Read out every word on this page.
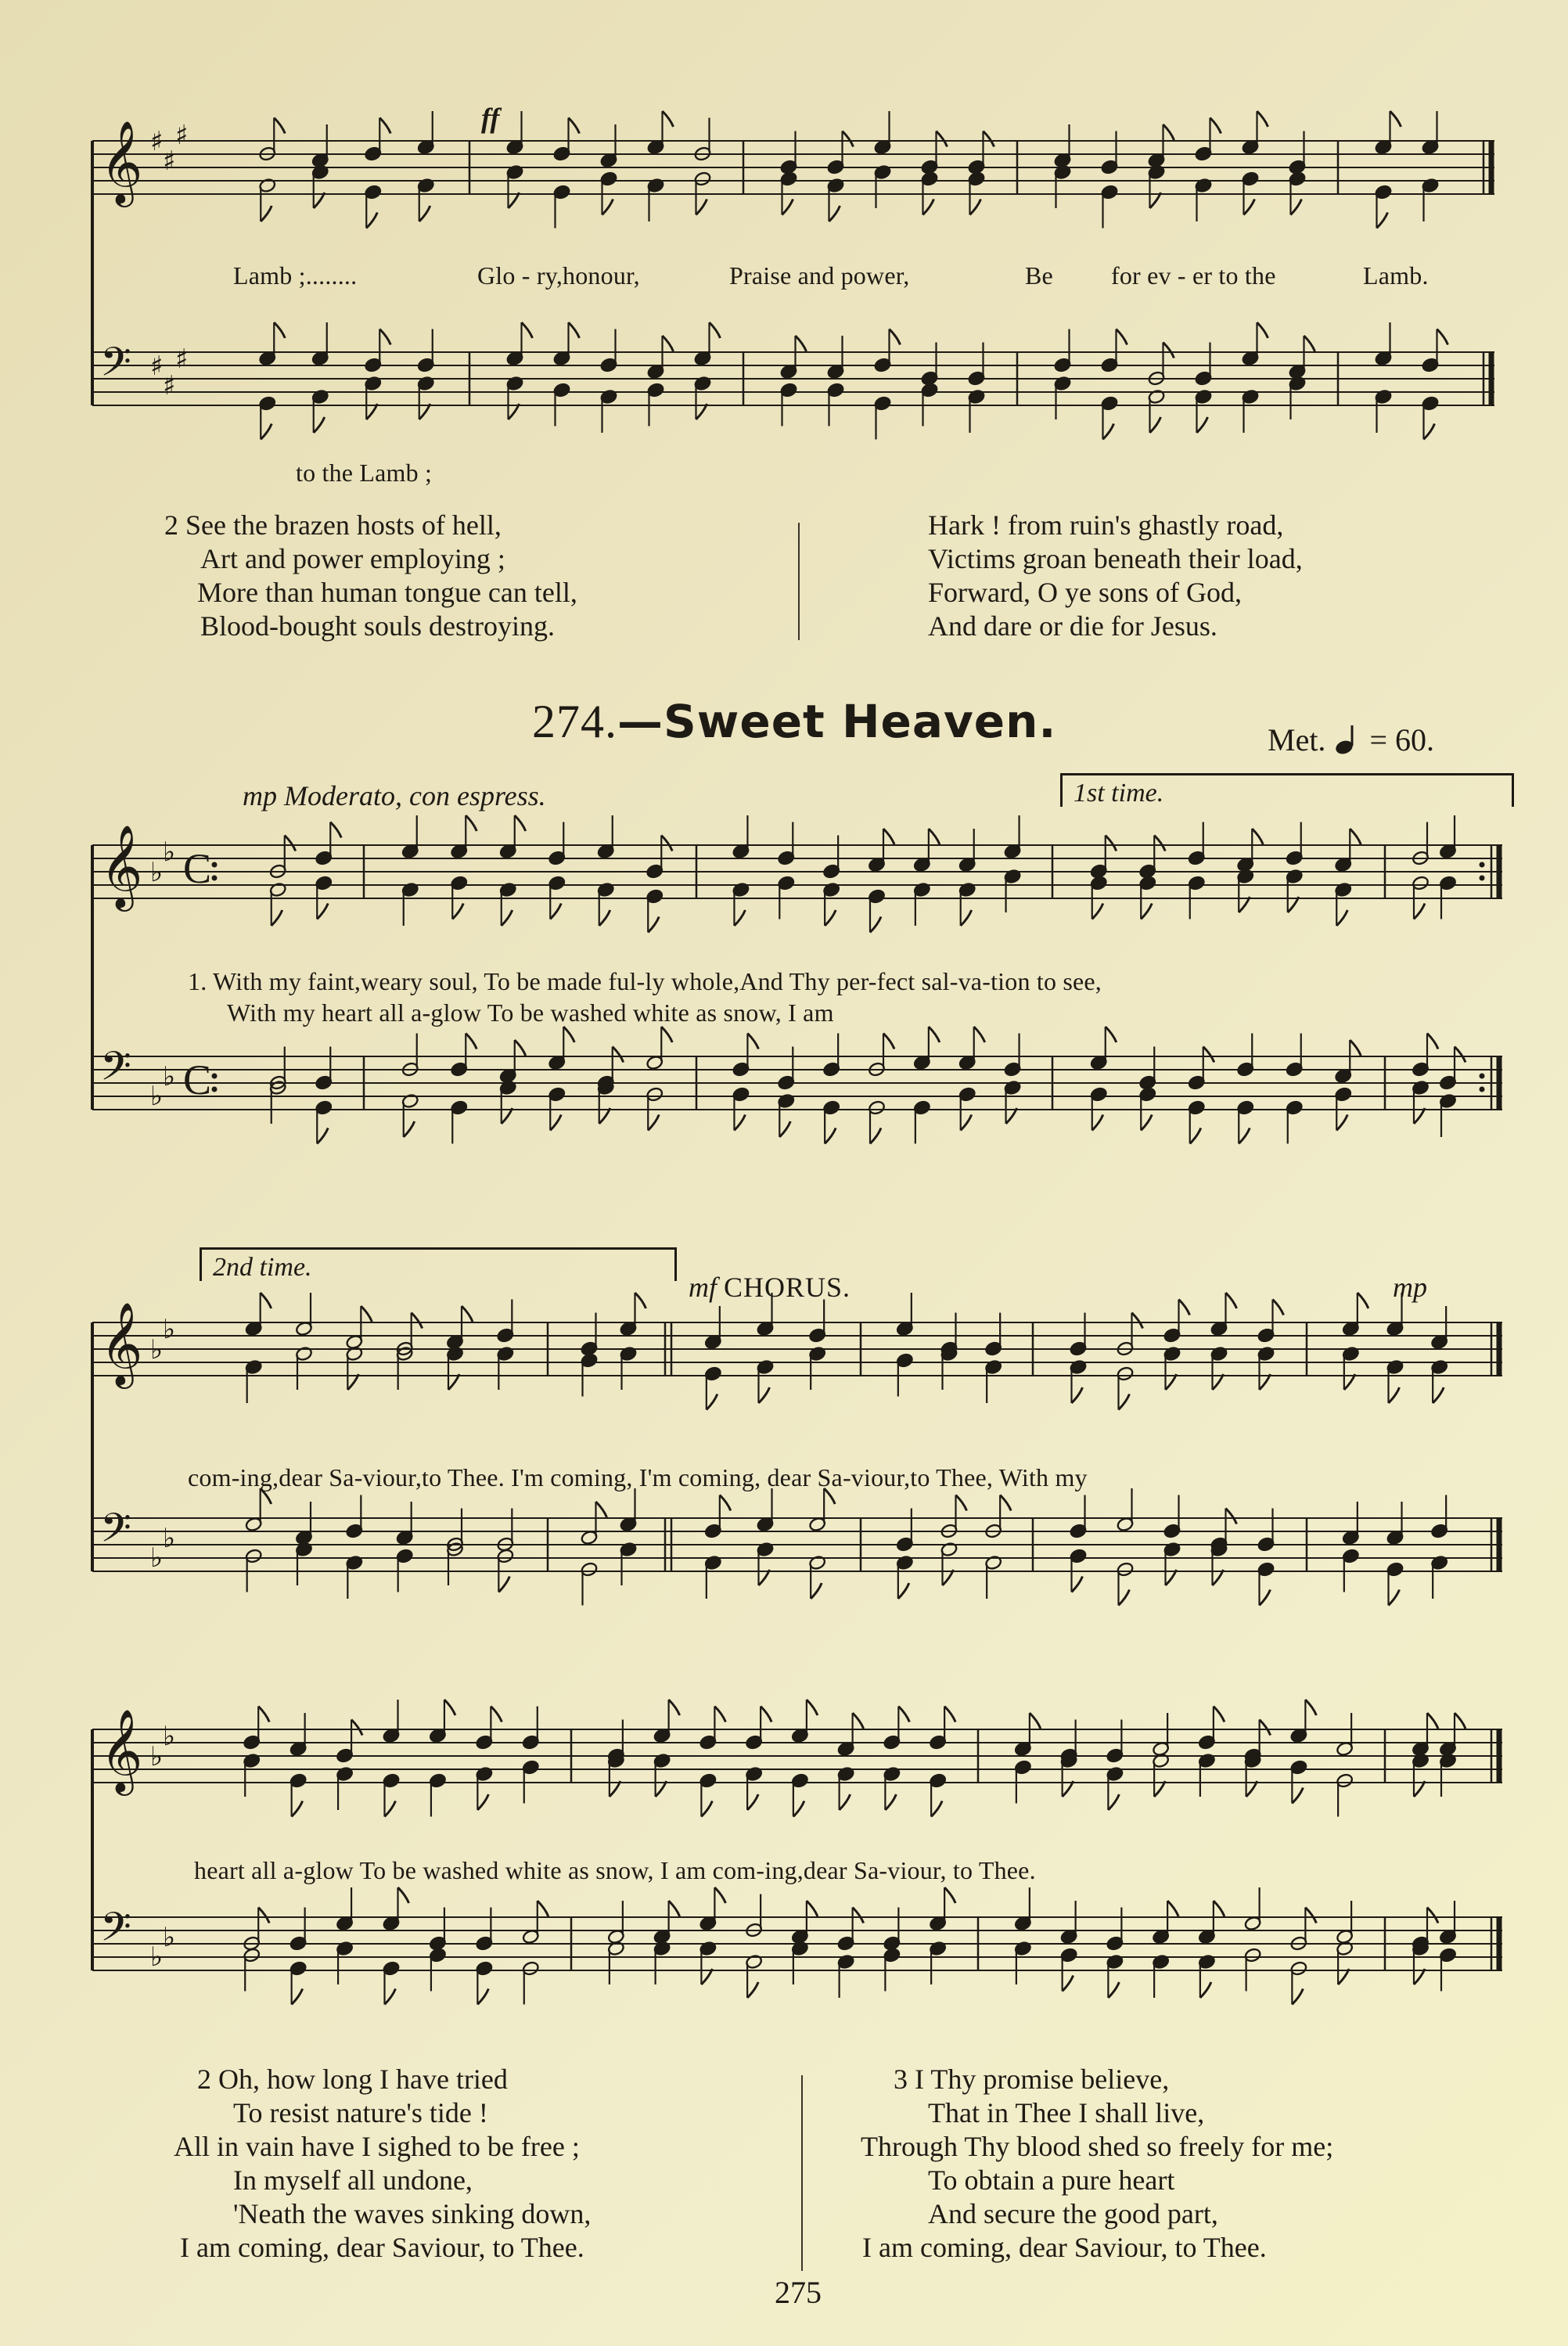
𝄞 ♯
♯
♯
𝄢 ♯
♯
♯
ff
Lamb ;........	Glo - ry,honour,	Praise and power,	Be for ev - er to the	Lamb.
to the Lamb ;
2 See the brazen hosts of hell,
Art and power employing ;
More than human tongue can tell,
Blood-bought souls destroying.
Hark ! from ruin's ghastly road,
Victims groan beneath their load,
Forward, O ye sons of God,
And dare or die for Jesus.
274.—Sweet Heaven.	Met. = 60.
𝄞 ♭
♭ C
𝄢 ♭
♭ C
mp Moderato, con espress.	1st time.
1. With my faint,weary soul, To be made ful-ly whole,And Thy per-fect sal-va-tion to see,
With my heart all a-glow To be washed white as snow, I am
𝄞 ♭
♭
𝄢 ♭
♭
2nd time.
mf CHORUS.	mp
com-ing,dear Sa-viour,to Thee. I'm coming, I'm coming, dear Sa-viour,to Thee, With my
𝄞 ♭
♭
𝄢 ♭
♭
heart all a-glow To be washed white as snow, I am com-ing,dear Sa-viour, to Thee.
2 Oh, how long I have tried
To resist nature's tide !
All in vain have I sighed to be free ;
In myself all undone,
'Neath the waves sinking down,
I am coming, dear Saviour, to Thee.
3 I Thy promise believe,
That in Thee I shall live,
Through Thy blood shed so freely for me;
To obtain a pure heart
And secure the good part,
I am coming, dear Saviour, to Thee.
275
